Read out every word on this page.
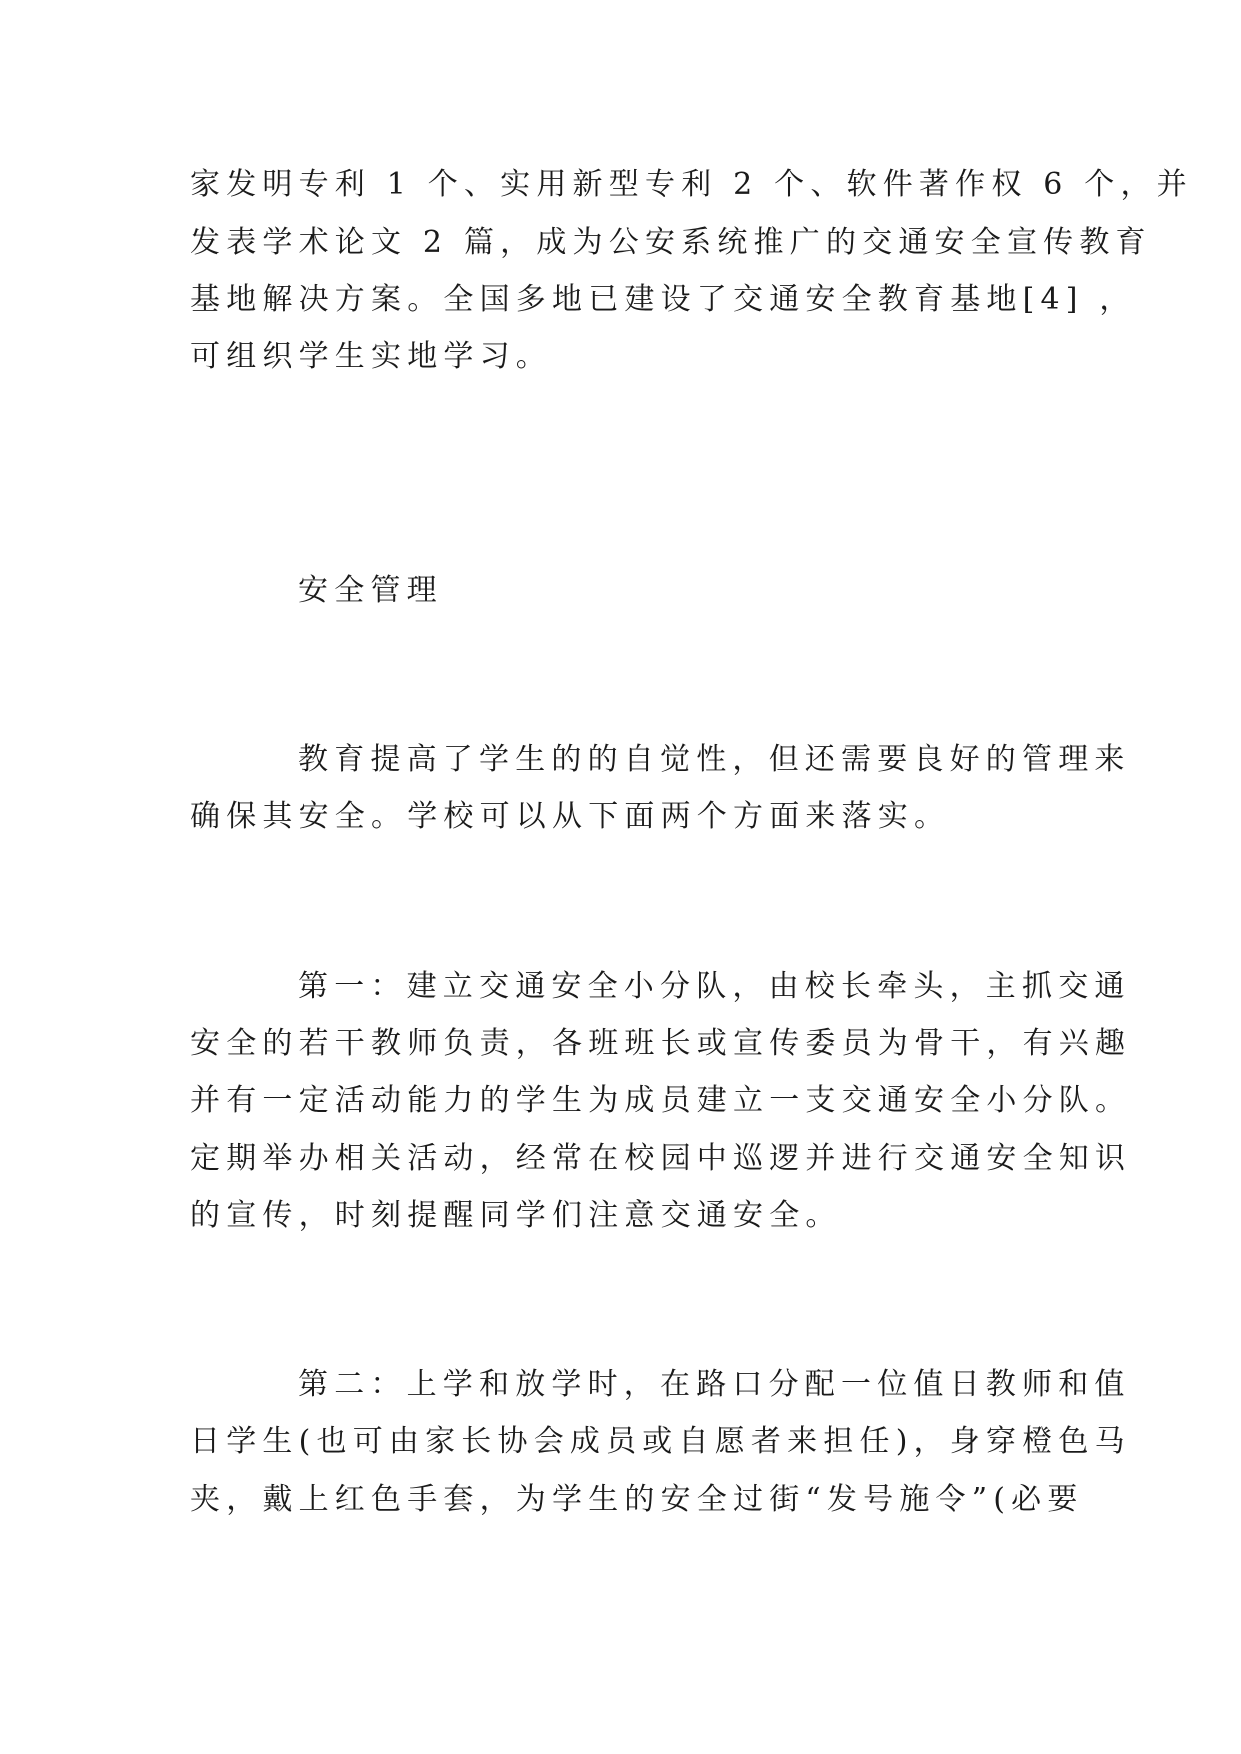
家发明专利 1 个、实用新型专利 2 个、软件著作权 6 个，并
发表学术论文 2 篇，成为公安系统推广的交通安全宣传教育
基地解决方案。全国多地已建设了交通安全教育基地[4] ，
可组织学生实地学习。
安全管理
教育提高了学生的的自觉性，但还需要良好的管理来
确保其安全。学校可以从下面两个方面来落实。
第一：建立交通安全小分队，由校长牵头，主抓交通
安全的若干教师负责，各班班长或宣传委员为骨干，有兴趣
并有一定活动能力的学生为成员建立一支交通安全小分队。
定期举办相关活动，经常在校园中巡逻并进行交通安全知识
的宣传，时刻提醒同学们注意交通安全。
第二：上学和放学时，在路口分配一位值日教师和值
日学生(也可由家长协会成员或自愿者来担任)，身穿橙色马
夹，戴上红色手套，为学生的安全过街“发号施令”(必要
